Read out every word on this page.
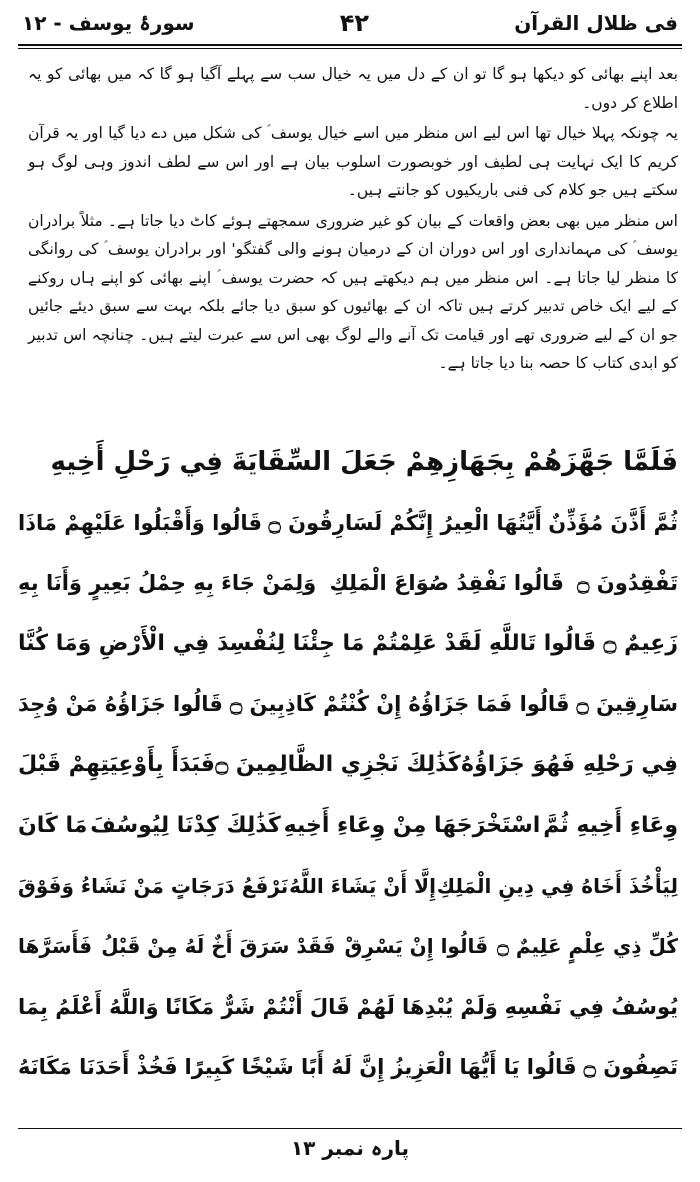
فی ظلال القرآن
۴۲
سورۂ یوسف - ۱۲

بعد اپنے بھائی کو دیکھا ہو گا تو ان کے دل میں یہ خیال سب سے پہلے آگیا ہو گا کہ میں بھائی کو یہ اطلاع کر دوں۔

یہ چونکہ پہلا خیال تھا اس لیے اس منظر میں اسے خیال یوسف ؑ کی شکل میں دے دیا گیا اور یہ قرآن کریم کا ایک نہایت ہی لطیف اور خوبصورت اسلوب بیان ہے اور اس سے لطف اندوز وہی لوگ ہو سکتے ہیں جو کلام کی فنی باریکیوں کو جانتے ہیں۔

اس منظر میں بھی بعض واقعات کے بیان کو غیر ضروری سمجھتے ہوئے کاٹ دیا جاتا ہے۔ مثلاً برادران یوسف ؑ کی مہمانداری اور اس دوران ان کے درمیان ہونے والی گفتگو' اور برادران یوسف ؑ کی روانگی کا منظر لیا جاتا ہے۔ اس منظر میں ہم دیکھتے ہیں کہ حضرت یوسف ؑ اپنے بھائی کو اپنے ہاں روکنے کے لیے ایک خاص تدبیر کرتے ہیں تاکہ ان کے بھائیوں کو سبق دیا جائے بلکہ بہت سے سبق دیئے جائیں جو ان کے لیے ضروری تھے اور قیامت تک آنے والے لوگ بھی اس سے عبرت لیتے ہیں۔ چنانچہ اس تدبیر کو ابدی کتاب کا حصہ بنا دیا جاتا ہے۔

فَلَمَّا جَهَّزَهُمْ بِجَهَازِهِمْ جَعَلَ السِّقَايَةَ فِي رَحْلِ أَخِيهِ
ثُمَّ أَذَّنَ مُؤَذِّنٌ
أَيَّتُهَا الْعِيرُ إِنَّكُمْ لَسَارِقُونَ ۝
قَالُوا وَأَقْبَلُوا عَلَيْهِمْ مَاذَا
تَفْقِدُونَ ۝
قَالُوا نَفْقِدُ صُوَاعَ الْمَلِكِ
وَلِمَنْ جَاءَ بِهِ حِمْلُ بَعِيرٍ وَأَنَا بِهِ
زَعِيمٌ ۝
قَالُوا تَاللَّهِ لَقَدْ عَلِمْتُمْ
مَا جِئْنَا لِنُفْسِدَ فِي الْأَرْضِ
وَمَا كُنَّا
سَارِقِينَ ۝
قَالُوا فَمَا جَزَاؤُهُ
إِنْ كُنْتُمْ كَاذِبِينَ ۝
قَالُوا جَزَاؤُهُ مَنْ وُجِدَ
فِي رَحْلِهِ فَهُوَ جَزَاؤُهُ
كَذَٰلِكَ نَجْزِي الظَّالِمِينَ ۝
فَبَدَأَ بِأَوْعِيَتِهِمْ قَبْلَ
وِعَاءِ أَخِيهِ ثُمَّ
اسْتَخْرَجَهَا مِنْ وِعَاءِ أَخِيهِ
كَذَٰلِكَ كِدْنَا لِيُوسُفَ
مَا كَانَ
لِيَأْخُذَ أَخَاهُ فِي دِينِ الْمَلِكِ
إِلَّا أَنْ يَشَاءَ اللَّهُ
نَرْفَعُ دَرَجَاتٍ مَنْ نَشَاءُ وَفَوْقَ
كُلِّ ذِي عِلْمٍ عَلِيمٌ ۝
قَالُوا إِنْ يَسْرِقْ
فَقَدْ سَرَقَ أَخٌ لَهُ مِنْ قَبْلُ
فَأَسَرَّهَا
يُوسُفُ فِي نَفْسِهِ
وَلَمْ يُبْدِهَا لَهُمْ
قَالَ أَنْتُمْ شَرٌّ مَكَانًا
وَاللَّهُ أَعْلَمُ بِمَا
تَصِفُونَ ۝
قَالُوا يَا أَيُّهَا الْعَزِيزُ
إِنَّ لَهُ أَبًا شَيْخًا كَبِيرًا
فَخُذْ أَحَدَنَا مَكَانَهُ
پارہ نمبر ۱۳
